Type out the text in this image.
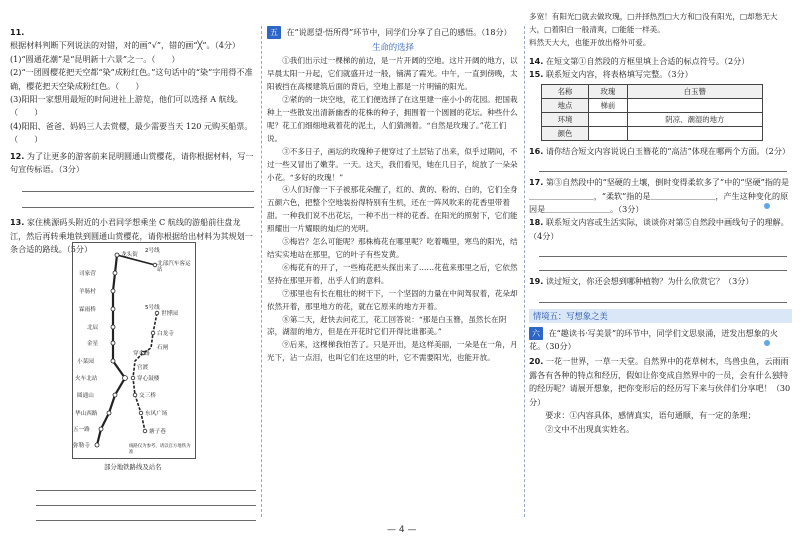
11. 根据材料判断下列说法的对错，对的画“√”，错的画“╳”。（4分）

(1)“圆通花潮”是“昆明新十六景”之一。（　　）

(2)“一团圆樱花把天空都“染”成粉红色。”这句话中的“染”字用得不准确，樱花把天空染成粉红色。（　　）

(3)阳阳一家想用最短的时间进社上游览，他们可以选择 A 航线。（　　）

(4)阳阳、爸爸、妈妈三人去赏樱，最少需要当天 120 元购买船票。（　　）

12. 为了让更多的游客前来昆明圆通山赏樱花，请你根据材料，写一句宣传标语。（3分）

13. 家住桃源码头附近的小君同学想乘坐 C 航线的游船前往盘龙江，然后再转乘地铁到圆通山赏樱花，请你根据给出材料为其规划一条合适的路线。（5分）	2号线
5号线
龙头街
司家营
羊肠村
霖雨桥
北辰
金星
小菜园
火车北站
圆通山
华山西路
五一路
弥勒寺
北部汽车客运站
世博园
白龙寺
石闸
穿金路
官渡
穿心鼓楼
交三桥
东风广场
塘子巷
线路仅为参考，请以官方地铁为准
部分地铁路线及站名

五 在“说愿望·悟所得”环节中，同学们分享了自己的感悟。（18分）

生命的选择

①我们出示过一棵梯的前边，是一片开阔的空地。这片开阔的地方，以早晨太阳一升起，它们就盛开过一般，铺满了霞光。中午，一直到傍晚，太阳被挡在高楼建筑后面的背后，空地上都是一片明铺的阳光。

②紧的的一块空地，花工们便选择了在这里建一座小小的花园。把国栽种上一些散发出清新幽香的花株的种子，拥围着一个圆圆的花坛。种些什么呢？花工们细细地栽着花的泥土，人们猜测着。“自然是玫瑰了。”花工们说。

③不多日子，画坛的玫瑰种子便穿过了土层钻了出来，似乎过期间，不过一些又冒出了嫩芽。一天。这天，我们看见，她在几日子，绽放了一朵朵小花。“多好的玫瑰！”

④人们好像一下子被那花朵醒了，红的、黄的、粉的、白的，它们全身五颜六色，把整个空地装扮得特别有生机，还在一阵风吹来的花香里带着甜。一种我们说不出花坛，一种不出一样的花香。在阳光的照射下，它们能照耀出一片耀眼的灿烂的光明。

⑤梅岩？怎么可能呢？那株梅花在哪里呢？吃着嘴里，寒鸟的阳光，结结实实地站在那里，它的叶子有些发黄。

⑥梅花有的开了，一些梅花把头探出来了……花苞来那里之后，它依然坚持在那里开着，出乎人们的意料。

⑦那里也有长在粗壮的树干下，一个坚固的力量在中间驾驭着，花朵却依然开着，那里地方的花，就在它原来的地方开着。

⑧第二天，赶快去问花工，花工回答说：“那是白玉簪，虽然长在阴凉，湖湿的地方，但是在开花时它们开得比谁都美。”

⑨后来，这棵梯我怕苦了。只是开出，是这样美丽，一朵是在一角，月光下，沾一点泪，也叫它们在这里的叶，它不需要阳光，也能开放。

多宽！有阳光□就去做玫瑰，□并择热烈□大方和□没有阳光，□却愁无大大，□着阳白一般清爽，□能能一样美。

料然天大大，也能开放出格外可爱。

14. 在短文第①自然段的方框里填上合适的标点符号。（2分）

15. 联系短文内容，将表格填写完整。（3分）

名称	玫瑰	白玉簪
地点	梯前	
环境		阴凉、潮湿的地方
颜色		

16. 请你结合短文内容说说白玉簪花的“高洁”体现在哪两个方面。（2分）

17. 第③自然段中的“坚硬的土壤，倒时变得柔软多了”中的“坚硬”指的是＿＿＿＿＿＿＿＿，“柔软”指的是＿＿＿＿＿＿＿＿，产生这种变化的原因是＿＿＿＿＿＿＿＿。（3分）

18. 联系短文内容或生活实际，谈谈你对第⑤自然段中画线句子的理解。（4分）

19. 读过短文，你还会想到哪种植物？为什么欣赏它？（3分）

情境五：写想象之美

六 在“趣读书·写美景”的环节中，同学们文思泉涌，迸发出想象的火花。（30分）

20. 一花一世界，一草一天堂。自然界中的花草树木，鸟兽虫鱼，云雨雨露各有各种的特点和经历，假如让你变成自然界中的一员，会有什么独特的经历呢？请展开想象，把你变形后的经历写下来与伙伴们分享吧！（30分）

要求：①内容具体，感情真实，语句通顺，有一定的条理；

②文中不出现真实姓名。

— 4 —
